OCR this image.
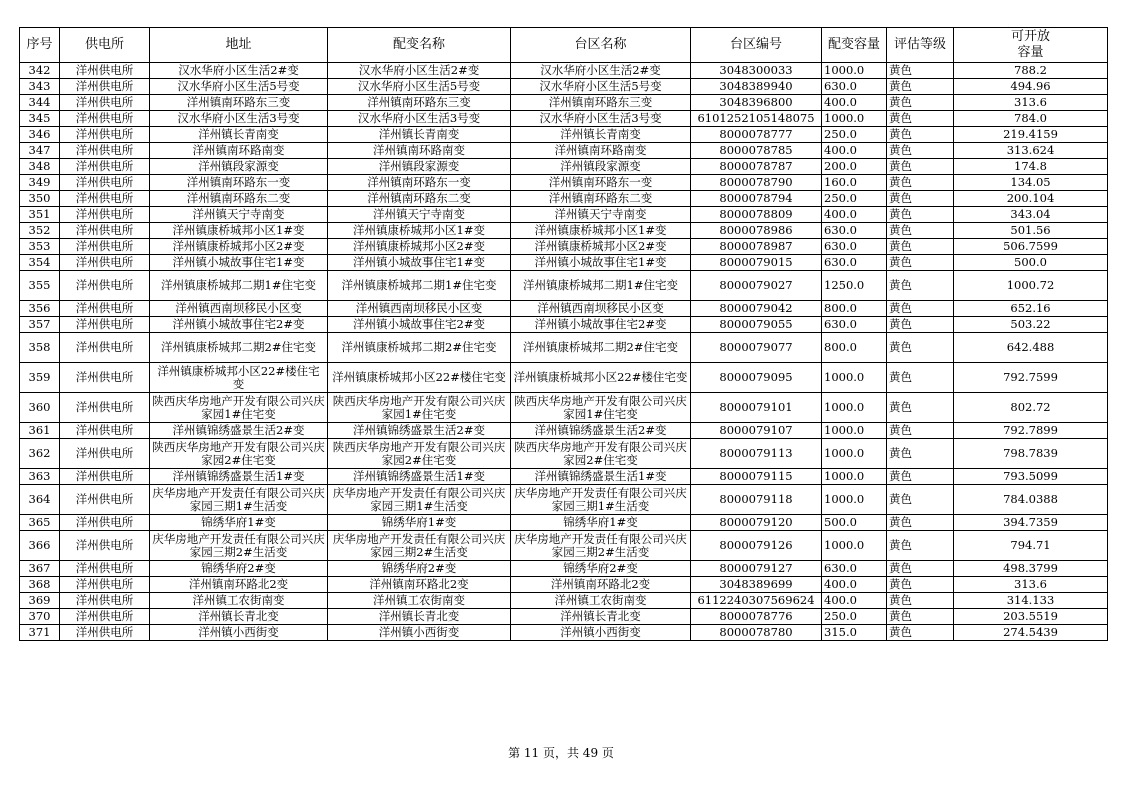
序号	供电所	地址	配变名称	台区名称	台区编号	配变容量	评估等级	可开放
容量
342	洋州供电所	汉水华府小区生活2#变	汉水华府小区生活2#变	汉水华府小区生活2#变	3048300033	1000.0	黄色	788.2
343	洋州供电所	汉水华府小区生活5号变	汉水华府小区生活5号变	汉水华府小区生活5号变	3048389940	630.0	黄色	494.96
344	洋州供电所	洋州镇南环路东三变	洋州镇南环路东三变	洋州镇南环路东三变	3048396800	400.0	黄色	313.6
345	洋州供电所	汉水华府小区生活3号变	汉水华府小区生活3号变	汉水华府小区生活3号变	6101252105148075	1000.0	黄色	784.0
346	洋州供电所	洋州镇长青南变	洋州镇长青南变	洋州镇长青南变	8000078777	250.0	黄色	219.4159
347	洋州供电所	洋州镇南环路南变	洋州镇南环路南变	洋州镇南环路南变	8000078785	400.0	黄色	313.624
348	洋州供电所	洋州镇段家源变	洋州镇段家源变	洋州镇段家源变	8000078787	200.0	黄色	174.8
349	洋州供电所	洋州镇南环路东一变	洋州镇南环路东一变	洋州镇南环路东一变	8000078790	160.0	黄色	134.05
350	洋州供电所	洋州镇南环路东二变	洋州镇南环路东二变	洋州镇南环路东二变	8000078794	250.0	黄色	200.104
351	洋州供电所	洋州镇天宁寺南变	洋州镇天宁寺南变	洋州镇天宁寺南变	8000078809	400.0	黄色	343.04
352	洋州供电所	洋州镇康桥城邦小区1#变	洋州镇康桥城邦小区1#变	洋州镇康桥城邦小区1#变	8000078986	630.0	黄色	501.56
353	洋州供电所	洋州镇康桥城邦小区2#变	洋州镇康桥城邦小区2#变	洋州镇康桥城邦小区2#变	8000078987	630.0	黄色	506.7599
354	洋州供电所	洋州镇小城故事住宅1#变	洋州镇小城故事住宅1#变	洋州镇小城故事住宅1#变	8000079015	630.0	黄色	500.0
355	洋州供电所	洋州镇康桥城邦二期1#住宅变	洋州镇康桥城邦二期1#住宅变	洋州镇康桥城邦二期1#住宅变	8000079027	1250.0	黄色	1000.72
356	洋州供电所	洋州镇西南坝移民小区变	洋州镇西南坝移民小区变	洋州镇西南坝移民小区变	8000079042	800.0	黄色	652.16
357	洋州供电所	洋州镇小城故事住宅2#变	洋州镇小城故事住宅2#变	洋州镇小城故事住宅2#变	8000079055	630.0	黄色	503.22
358	洋州供电所	洋州镇康桥城邦二期2#住宅变	洋州镇康桥城邦二期2#住宅变	洋州镇康桥城邦二期2#住宅变	8000079077	800.0	黄色	642.488
359	洋州供电所	洋州镇康桥城邦小区22#楼住宅变	洋州镇康桥城邦小区22#楼住宅变	洋州镇康桥城邦小区22#楼住宅变	8000079095	1000.0	黄色	792.7599
360	洋州供电所	陕西庆华房地产开发有限公司兴庆家园1#住宅变	陕西庆华房地产开发有限公司兴庆家园1#住宅变	陕西庆华房地产开发有限公司兴庆家园1#住宅变	8000079101	1000.0	黄色	802.72
361	洋州供电所	洋州镇锦绣盛景生活2#变	洋州镇锦绣盛景生活2#变	洋州镇锦绣盛景生活2#变	8000079107	1000.0	黄色	792.7899
362	洋州供电所	陕西庆华房地产开发有限公司兴庆家园2#住宅变	陕西庆华房地产开发有限公司兴庆家园2#住宅变	陕西庆华房地产开发有限公司兴庆家园2#住宅变	8000079113	1000.0	黄色	798.7839
363	洋州供电所	洋州镇锦绣盛景生活1#变	洋州镇锦绣盛景生活1#变	洋州镇锦绣盛景生活1#变	8000079115	1000.0	黄色	793.5099
364	洋州供电所	庆华房地产开发责任有限公司兴庆家园三期1#生活变	庆华房地产开发责任有限公司兴庆家园三期1#生活变	庆华房地产开发责任有限公司兴庆家园三期1#生活变	8000079118	1000.0	黄色	784.0388
365	洋州供电所	锦绣华府1#变	锦绣华府1#变	锦绣华府1#变	8000079120	500.0	黄色	394.7359
366	洋州供电所	庆华房地产开发责任有限公司兴庆家园三期2#生活变	庆华房地产开发责任有限公司兴庆家园三期2#生活变	庆华房地产开发责任有限公司兴庆家园三期2#生活变	8000079126	1000.0	黄色	794.71
367	洋州供电所	锦绣华府2#变	锦绣华府2#变	锦绣华府2#变	8000079127	630.0	黄色	498.3799
368	洋州供电所	洋州镇南环路北2变	洋州镇南环路北2变	洋州镇南环路北2变	3048389699	400.0	黄色	313.6
369	洋州供电所	洋州镇工农街南变	洋州镇工农街南变	洋州镇工农街南变	6112240307569624	400.0	黄色	314.133
370	洋州供电所	洋州镇长青北变	洋州镇长青北变	洋州镇长青北变	8000078776	250.0	黄色	203.5519
371	洋州供电所	洋州镇小西街变	洋州镇小西街变	洋州镇小西街变	8000078780	315.0	黄色	274.5439
第 11 页，共 49 页
